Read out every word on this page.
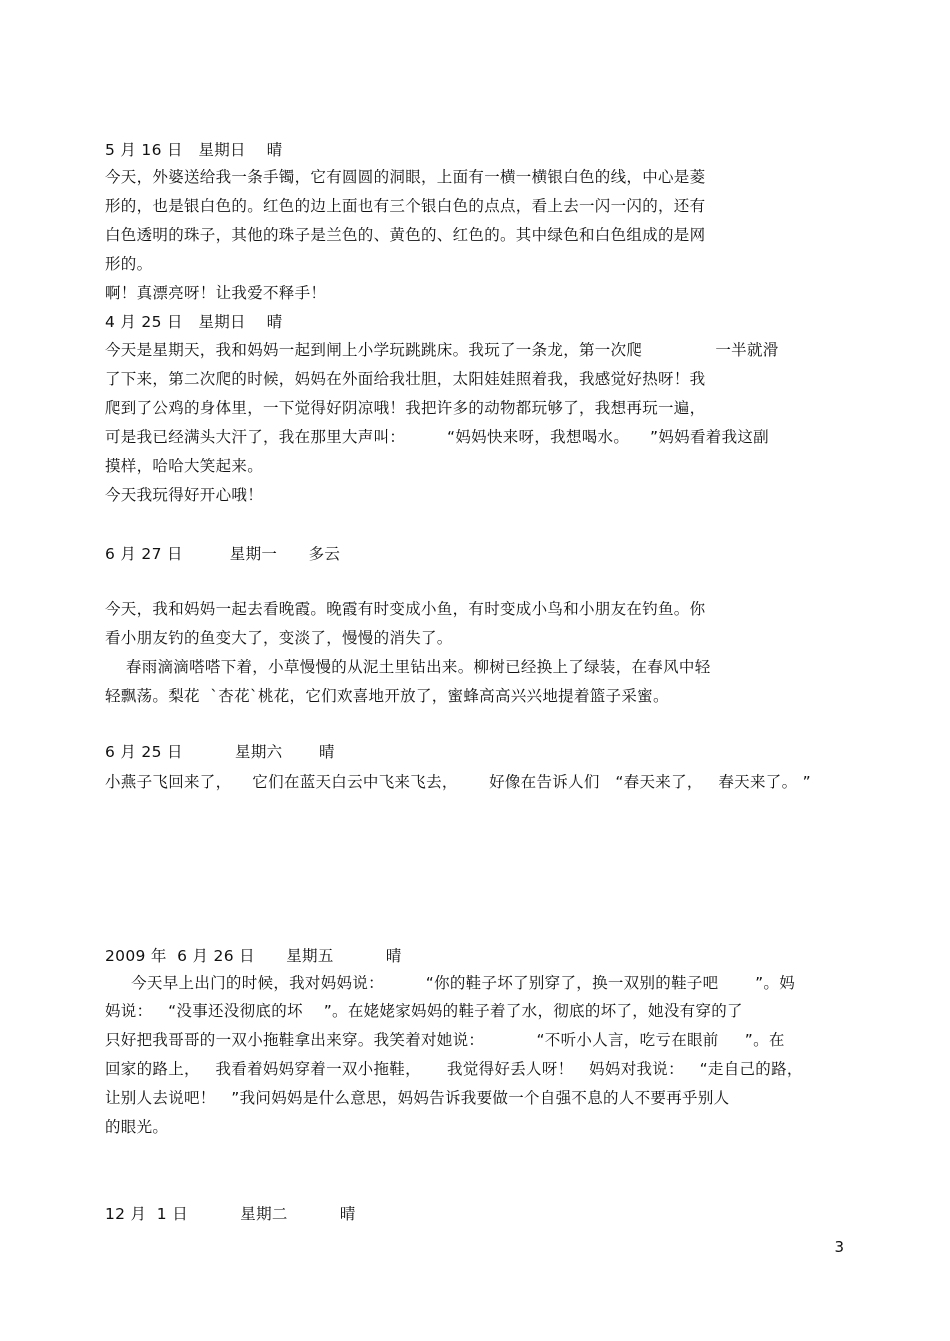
5 月 16 日   星期日    晴
今天，外婆送给我一条手镯，它有圆圆的洞眼，上面有一横一横银白色的线，中心是菱
形的，也是银白色的。红色的边上面也有三个银白色的点点，看上去一闪一闪的，还有
白色透明的珠子，其他的珠子是兰色的、黄色的、红色的。其中绿色和白色组成的是网
形的。
啊！真漂亮呀！让我爱不释手！
4 月 25 日   星期日    晴
今天是星期天，我和妈妈一起到闸上小学玩跳跳床。我玩了一条龙，第一次爬              一半就滑
了下来，第二次爬的时候，妈妈在外面给我壮胆，太阳娃娃照着我，我感觉好热呀！我
爬到了公鸡的身体里，一下觉得好阴凉哦！我把许多的动物都玩够了，我想再玩一遍，
可是我已经满头大汗了，我在那里大声叫：        “妈妈快来呀，我想喝水。    ”妈妈看着我这副
摸样，哈哈大笑起来。
今天我玩得好开心哦！
6 月 27 日         星期一      多云
今天，我和妈妈一起去看晚霞。晚霞有时变成小鱼，有时变成小鸟和小朋友在钓鱼。你
看小朋友钓的鱼变大了，变淡了，慢慢的消失了。
春雨滴滴嗒嗒下着，小草慢慢的从泥土里钻出来。柳树已经换上了绿装，在春风中轻
轻飘荡。梨花  `杏花`桃花，它们欢喜地开放了，蜜蜂高高兴兴地提着篮子采蜜。
6 月 25 日          星期六       晴
小燕子飞回来了，    它们在蓝天白云中飞来飞去，      好像在告诉人们   “春天来了，   春天来了。 ”
2009 年  6 月 26 日      星期五          晴
今天早上出门的时候，我对妈妈说：        “你的鞋子坏了别穿了，换一双别的鞋子吧       ”。妈
妈说：   “没事还没彻底的坏    ”。在姥姥家妈妈的鞋子着了水，彻底的坏了，她没有穿的了
只好把我哥哥的一双小拖鞋拿出来穿。我笑着对她说：          “不听小人言，吃亏在眼前     ”。在
回家的路上，   我看着妈妈穿着一双小拖鞋，     我觉得好丢人呀！   妈妈对我说：   “走自己的路，
让别人去说吧！   ”我问妈妈是什么意思，妈妈告诉我要做一个自强不息的人不要再乎别人
的眼光。
12 月  1 日          星期二          晴
3
